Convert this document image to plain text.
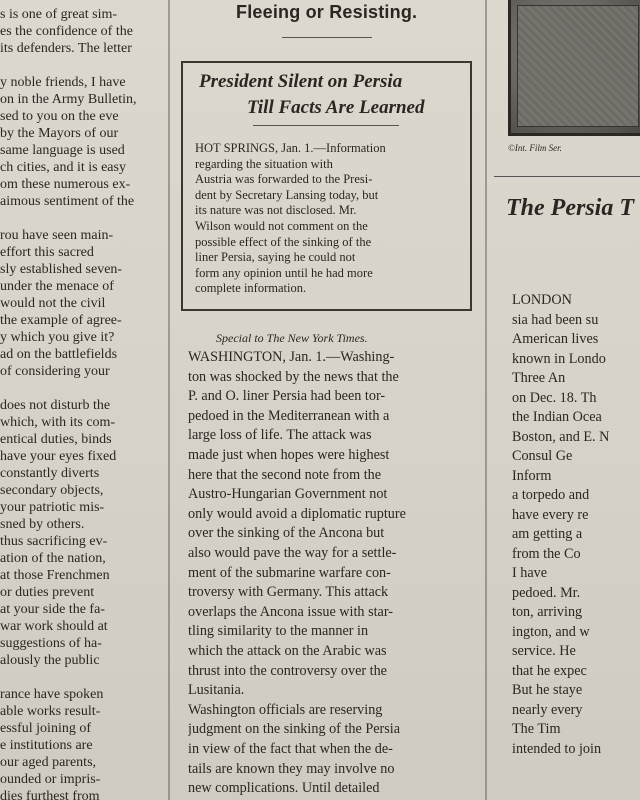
s is one of great sim-
es the confidence of the
its defenders. The letter
y noble friends, I have
on in the Army Bulletin,
sed to you on the eve
by the Mayors of our
same language is used
ch cities, and it is easy
om these numerous ex-
aimous sentiment of the
rou have seen main-
effort this sacred
sly established seven-
under the menace of
would not the civil
the example of agree-
y which you give it?
ad on the battlefields
of considering your
does not disturb the
which, with its com-
entical duties, binds
have your eyes fixed
constantly diverts
secondary objects,
your patriotic mis-
sned by others.
thus sacrificing ev-
ation of the nation,
at those Frenchmen
or duties prevent
at your side the fa-
war work should at
suggestions of ha-
alously the public
rance have spoken
able works result-
essful joining of
e institutions are
our aged parents,
ounded or impris-
dies furthest from
Fleeing or Resisting.
President Silent on Persia
Till Facts Are Learned
HOT SPRINGS, Jan. 1.—Information
regarding the situation with
Austria was forwarded to the Presi-
dent by Secretary Lansing today, but
its nature was not disclosed. Mr.
Wilson would not comment on the
possible effect of the sinking of the
liner Persia, saying he could not
form any opinion until he had more
complete information.
Special to The New York Times.
WASHINGTON, Jan. 1.—Washing-
ton was shocked by the news that the
P. and O. liner Persia had been tor-
pedoed in the Mediterranean with a
large loss of life. The attack was
made just when hopes were highest
here that the second note from the
Austro-Hungarian Government not
only would avoid a diplomatic rupture
over the sinking of the Ancona but
also would pave the way for a settle-
ment of the submarine warfare con-
troversy with Germany. This attack
overlaps the Ancona issue with star-
tling similarity to the manner in
which the attack on the Arabic was
thrust into the controversy over the
Lusitania.
Washington officials are reserving
judgment on the sinking of the Persia
in view of the fact that when the de-
tails are known they may involve no
new complications. Until detailed
©Int. Film Ser.
The Persia T
LONDON
sia had been su
American lives
known in Londo
Three An
on Dec. 18. Th
the Indian Ocea
Boston, and E. N
Consul Ge
Inform
a torpedo and
have every re
am getting a
from the Co
I have
pedoed. Mr.
ton, arriving
ington, and w
service. He
that he expec
But he staye
nearly every
The Tim
intended to join
